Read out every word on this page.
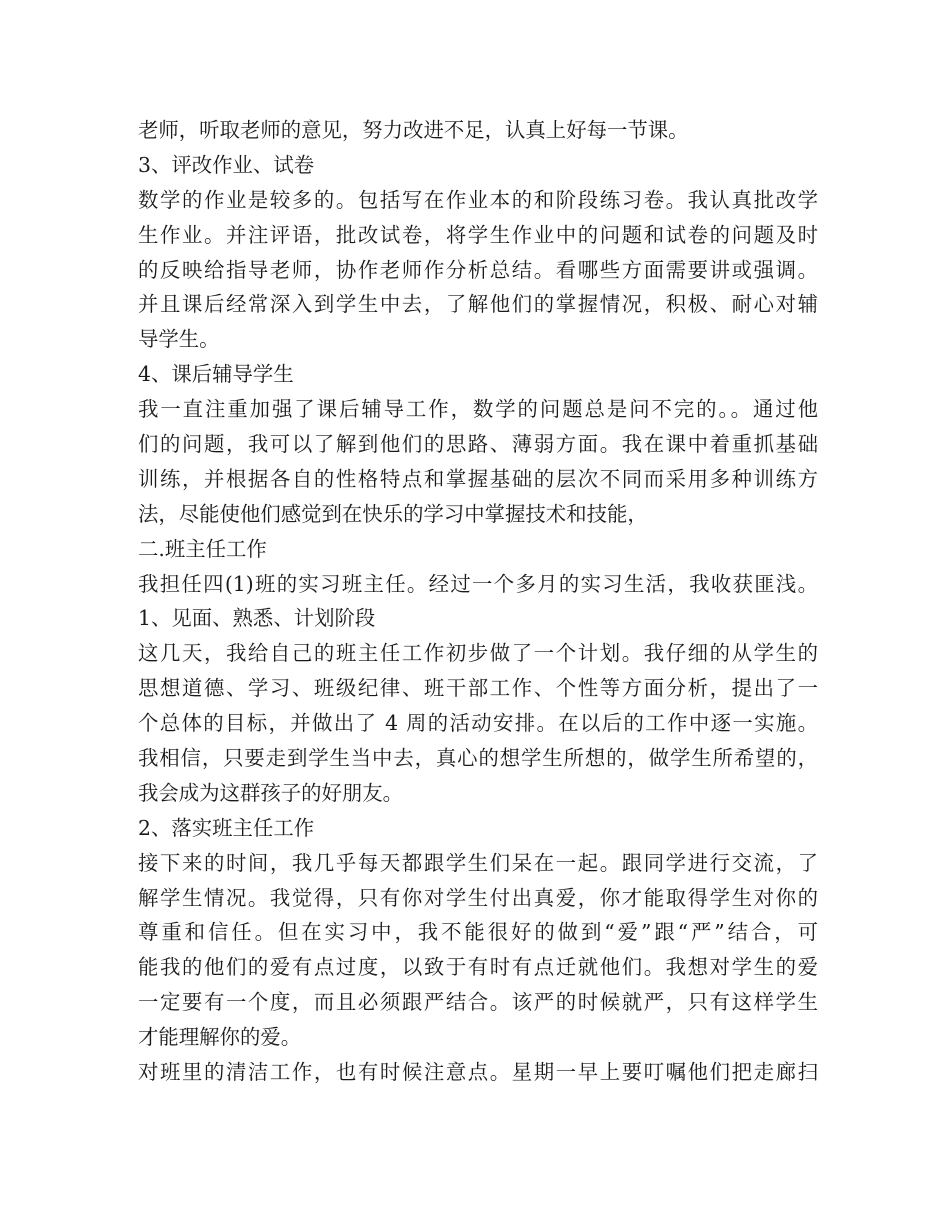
老师，听取老师的意见，努力改进不足，认真上好每一节课。
3、评改作业、试卷
数学的作业是较多的。包括写在作业本的和阶段练习卷。我认真批改学
生作业。并注评语，批改试卷，将学生作业中的问题和试卷的问题及时
的反映给指导老师，协作老师作分析总结。看哪些方面需要讲或强调。
并且课后经常深入到学生中去，了解他们的掌握情况，积极、耐心对辅
导学生。
4、课后辅导学生
我一直注重加强了课后辅导工作，数学的问题总是问不完的。。通过他
们的问题，我可以了解到他们的思路、薄弱方面。我在课中着重抓基础
训练，并根据各自的性格特点和掌握基础的层次不同而采用多种训练方
法，尽能使他们感觉到在快乐的学习中掌握技术和技能，
二.班主任工作
我担任四(1)班的实习班主任。经过一个多月的实习生活，我收获匪浅。
1、见面、熟悉、计划阶段
这几天，我给自己的班主任工作初步做了一个计划。我仔细的从学生的
思想道德、学习、班级纪律、班干部工作、个性等方面分析，提出了一
个总体的目标，并做出了 4 周的活动安排。在以后的工作中逐一实施。
我相信，只要走到学生当中去，真心的想学生所想的，做学生所希望的，
我会成为这群孩子的好朋友。
2、落实班主任工作
接下来的时间，我几乎每天都跟学生们呆在一起。跟同学进行交流，了
解学生情况。我觉得，只有你对学生付出真爱，你才能取得学生对你的
尊重和信任。但在实习中，我不能很好的做到“爱”跟“严”结合，可
能我的他们的爱有点过度，以致于有时有点迁就他们。我想对学生的爱
一定要有一个度，而且必须跟严结合。该严的时候就严，只有这样学生
才能理解你的爱。
对班里的清洁工作，也有时候注意点。星期一早上要叮嘱他们把走廊扫
